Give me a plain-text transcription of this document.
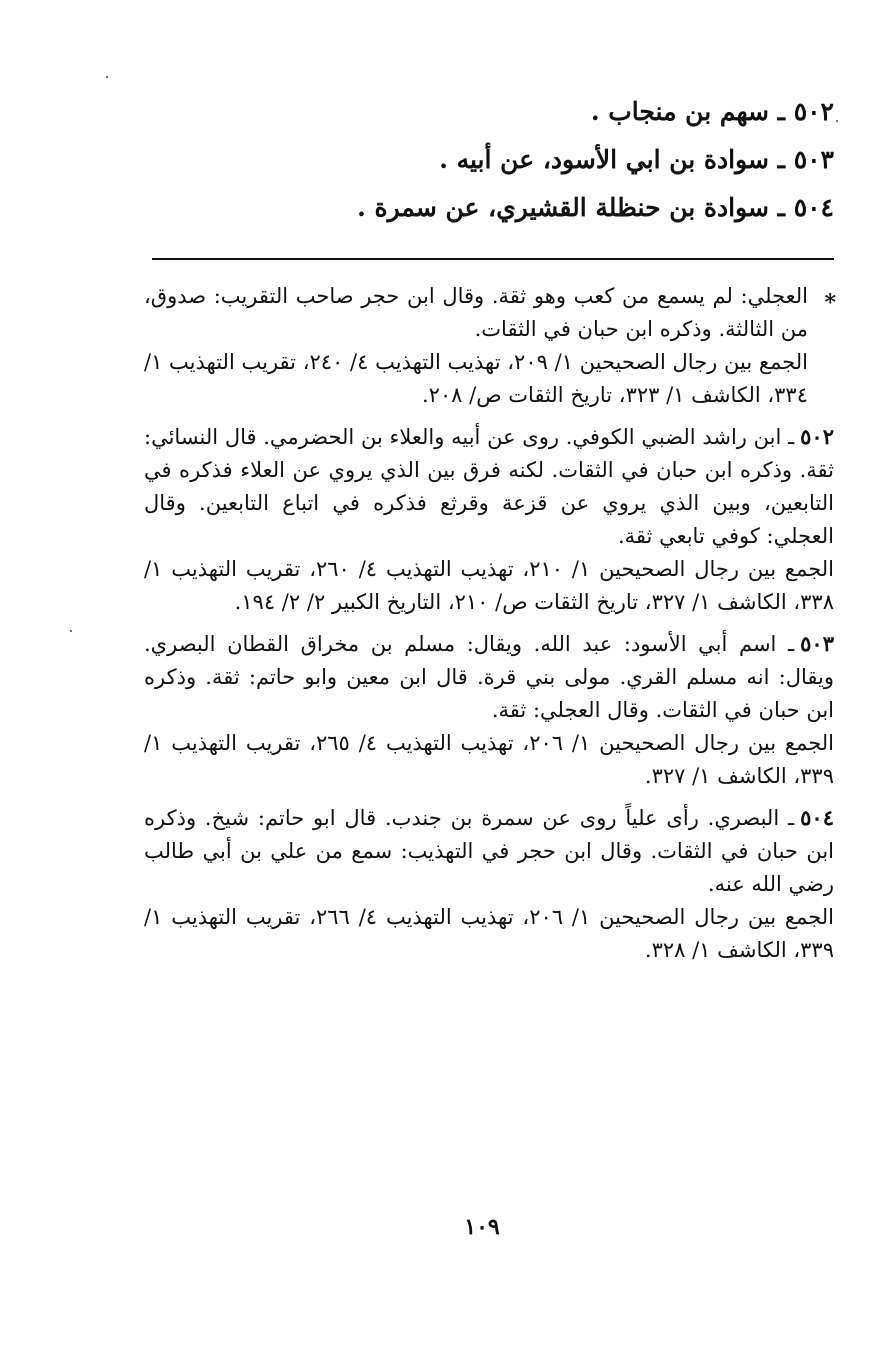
٥٠٢ ـ سهم بن منجاب .
٥٠٣ ـ سوادة بن ابي الأسود، عن أبيه .
٥٠٤ ـ سوادة بن حنظلة القشيري، عن سمرة .
العجلي: لم يسمع من كعب وهو ثقة. وقال ابن حجر صاحب التقريب: صدوق، من الثالثة. وذكره ابن حبان في الثقات.
الجمع بين رجال الصحيحين ١/ ٢٠٩، تهذيب التهذيب ٤/ ٢٤٠، تقريب التهذيب ١/ ٣٣٤، الكاشف ١/ ٣٢٣، تاريخ الثقات ص/ ٢٠٨.
٥٠٢ـ ابن راشد الضبي الكوفي. روى عن أبيه والعلاء بن الحضرمي. قال النسائي: ثقة. وذكره ابن حبان في الثقات. لكنه فرق بين الذي يروي عن العلاء فذكره في التابعين، وبين الذي يروي عن قزعة وقرثع فذكره في اتباع التابعين. وقال العجلي: كوفي تابعي ثقة.
الجمع بين رجال الصحيحين ١/ ٢١٠، تهذيب التهذيب ٤/ ٢٦٠، تقريب التهذيب ١/ ٣٣٨، الكاشف ١/ ٣٢٧، تاريخ الثقات ص/ ٢١٠، التاريخ الكبير ٢/ ٢/ ١٩٤.
٥٠٣ـ اسم أبي الأسود: عبد الله. ويقال: مسلم بن مخراق القطان البصري. ويقال: انه مسلم القري. مولى بني قرة. قال ابن معين وابو حاتم: ثقة. وذكره ابن حبان في الثقات. وقال العجلي: ثقة.
الجمع بين رجال الصحيحين ١/ ٢٠٦، تهذيب التهذيب ٤/ ٢٦٥، تقريب التهذيب ١/ ٣٣٩، الكاشف ١/ ٣٢٧.
٥٠٤ـ البصري. رأى علياً روى عن سمرة بن جندب. قال ابو حاتم: شيخ. وذكره ابن حبان في الثقات. وقال ابن حجر في التهذيب: سمع من علي بن أبي طالب رضي الله عنه.
الجمع بين رجال الصحيحين ١/ ٢٠٦، تهذيب التهذيب ٤/ ٢٦٦، تقريب التهذيب ١/ ٣٣٩، الكاشف ١/ ٣٢٨.
*
١٠٩
